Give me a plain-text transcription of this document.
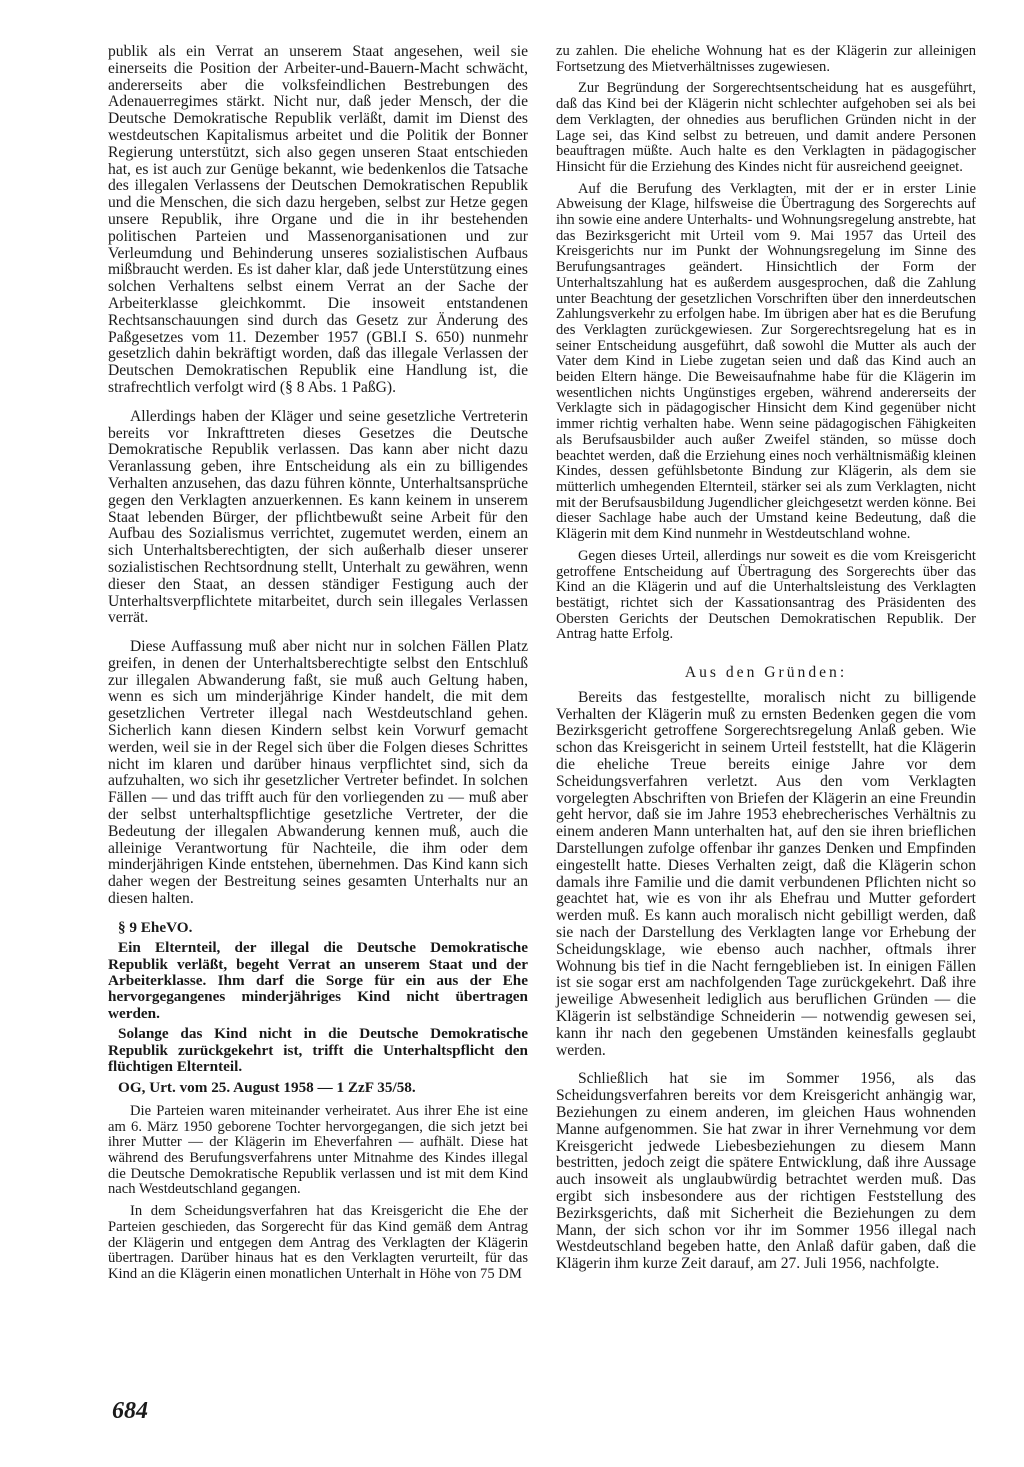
publik als ein Verrat an unserem Staat angesehen, weil sie einerseits die Position der Arbeiter-und-Bauern-Macht schwächt, andererseits aber die volksfeindlichen Bestrebungen des Adenauerregimes stärkt. Nicht nur, daß jeder Mensch, der die Deutsche Demokratische Republik verläßt, damit im Dienst des westdeutschen Kapitalismus arbeitet und die Politik der Bonner Regierung unterstützt, sich also gegen unseren Staat entschieden hat, es ist auch zur Genüge bekannt, wie bedenkenlos die Tatsache des illegalen Verlassens der Deutschen Demokratischen Republik und die Menschen, die sich dazu hergeben, selbst zur Hetze gegen unsere Republik, ihre Organe und die in ihr bestehenden politischen Parteien und Massenorganisationen und zur Verleumdung und Behinderung unseres sozialistischen Aufbaus mißbraucht werden. Es ist daher klar, daß jede Unterstützung eines solchen Verhaltens selbst einem Verrat an der Sache der Arbeiterklasse gleichkommt. Die insoweit entstandenen Rechtsanschauungen sind durch das Gesetz zur Änderung des Paßgesetzes vom 11. Dezember 1957 (GBl.I S. 650) nunmehr gesetzlich dahin bekräftigt worden, daß das illegale Verlassen der Deutschen Demokratischen Republik eine Handlung ist, die strafrechtlich verfolgt wird (§ 8 Abs. 1 PaßG).

Allerdings haben der Kläger und seine gesetzliche Vertreterin bereits vor Inkrafttreten dieses Gesetzes die Deutsche Demokratische Republik verlassen. Das kann aber nicht dazu Veranlassung geben, ihre Entscheidung als ein zu billigendes Verhalten anzusehen, das dazu führen könnte, Unterhaltsansprüche gegen den Verklagten anzuerkennen. Es kann keinem in unserem Staat lebenden Bürger, der pflichtbewußt seine Arbeit für den Aufbau des Sozialismus verrichtet, zugemutet werden, einem an sich Unterhaltsberechtigten, der sich außerhalb dieser unserer sozialistischen Rechtsordnung stellt, Unterhalt zu gewähren, wenn dieser den Staat, an dessen ständiger Festigung auch der Unterhaltsverpflichtete mitarbeitet, durch sein illegales Verlassen verrät.

Diese Auffassung muß aber nicht nur in solchen Fällen Platz greifen, in denen der Unterhaltsberechtigte selbst den Entschluß zur illegalen Abwanderung faßt, sie muß auch Geltung haben, wenn es sich um minderjährige Kinder handelt, die mit dem gesetzlichen Vertreter illegal nach Westdeutschland gehen. Sicherlich kann diesen Kindern selbst kein Vorwurf gemacht werden, weil sie in der Regel sich über die Folgen dieses Schrittes nicht im klaren und darüber hinaus verpflichtet sind, sich da aufzuhalten, wo sich ihr gesetzlicher Vertreter befindet. In solchen Fällen — und das trifft auch für den vorliegenden zu — muß aber der selbst unterhaltspflichtige gesetzliche Vertreter, der die Bedeutung der illegalen Abwanderung kennen muß, auch die alleinige Verantwortung für Nachteile, die ihm oder dem minderjährigen Kinde entstehen, übernehmen. Das Kind kann sich daher wegen der Bestreitung seines gesamten Unterhalts nur an diesen halten.

§ 9 EheVO.

Ein Elternteil, der illegal die Deutsche Demokratische Republik verläßt, begeht Verrat an unserem Staat und der Arbeiterklasse. Ihm darf die Sorge für ein aus der Ehe hervorgegangenes minderjähriges Kind nicht übertragen werden.

Solange das Kind nicht in die Deutsche Demokratische Republik zurückgekehrt ist, trifft die Unterhaltspflicht den flüchtigen Elternteil.

OG, Urt. vom 25. August 1958 — 1 ZzF 35/58.

Die Parteien waren miteinander verheiratet. Aus ihrer Ehe ist eine am 6. März 1950 geborene Tochter hervorgegangen, die sich jetzt bei ihrer Mutter — der Klägerin im Eheverfahren — aufhält. Diese hat während des Berufungsverfahrens unter Mitnahme des Kindes illegal die Deutsche Demokratische Republik verlassen und ist mit dem Kind nach Westdeutschland gegangen.

In dem Scheidungsverfahren hat das Kreisgericht die Ehe der Parteien geschieden, das Sorgerecht für das Kind gemäß dem Antrag der Klägerin und entgegen dem Antrag des Verklagten der Klägerin übertragen. Darüber hinaus hat es den Verklagten verurteilt, für das Kind an die Klägerin einen monatlichen Unterhalt in Höhe von 75 DM

zu zahlen. Die eheliche Wohnung hat es der Klägerin zur alleinigen Fortsetzung des Mietverhältnisses zugewiesen.

Zur Begründung der Sorgerechtsentscheidung hat es ausgeführt, daß das Kind bei der Klägerin nicht schlechter aufgehoben sei als bei dem Verklagten, der ohnedies aus beruflichen Gründen nicht in der Lage sei, das Kind selbst zu betreuen, und damit andere Personen beauftragen müßte. Auch halte es den Verklagten in pädagogischer Hinsicht für die Erziehung des Kindes nicht für ausreichend geeignet.

Auf die Berufung des Verklagten, mit der er in erster Linie Abweisung der Klage, hilfsweise die Übertragung des Sorgerechts auf ihn sowie eine andere Unterhalts- und Wohnungsregelung anstrebte, hat das Bezirksgericht mit Urteil vom 9. Mai 1957 das Urteil des Kreisgerichts nur im Punkt der Wohnungsregelung im Sinne des Berufungsantrages geändert. Hinsichtlich der Form der Unterhaltszahlung hat es außerdem ausgesprochen, daß die Zahlung unter Beachtung der gesetzlichen Vorschriften über den innerdeutschen Zahlungsverkehr zu erfolgen habe. Im übrigen aber hat es die Berufung des Verklagten zurückgewiesen. Zur Sorgerechtsregelung hat es in seiner Entscheidung ausgeführt, daß sowohl die Mutter als auch der Vater dem Kind in Liebe zugetan seien und daß das Kind auch an beiden Eltern hänge. Die Beweisaufnahme habe für die Klägerin im wesentlichen nichts Ungünstiges ergeben, während andererseits der Verklagte sich in pädagogischer Hinsicht dem Kind gegenüber nicht immer richtig verhalten habe. Wenn seine pädagogischen Fähigkeiten als Berufsausbilder auch außer Zweifel ständen, so müsse doch beachtet werden, daß die Erziehung eines noch verhältnismäßig kleinen Kindes, dessen gefühlsbetonte Bindung zur Klägerin, als dem sie mütterlich umhegenden Elternteil, stärker sei als zum Verklagten, nicht mit der Berufsausbildung Jugendlicher gleichgesetzt werden könne. Bei dieser Sachlage habe auch der Umstand keine Bedeutung, daß die Klägerin mit dem Kind nunmehr in Westdeutschland wohne.

Gegen dieses Urteil, allerdings nur soweit es die vom Kreisgericht getroffene Entscheidung auf Übertragung des Sorgerechts über das Kind an die Klägerin und auf die Unterhaltsleistung des Verklagten bestätigt, richtet sich der Kassationsantrag des Präsidenten des Obersten Gerichts der Deutschen Demokratischen Republik. Der Antrag hatte Erfolg.

Aus den Gründen:

Bereits das festgestellte, moralisch nicht zu billigende Verhalten der Klägerin muß zu ernsten Bedenken gegen die vom Bezirksgericht getroffene Sorgerechtsregelung Anlaß geben. Wie schon das Kreisgericht in seinem Urteil feststellt, hat die Klägerin die eheliche Treue bereits einige Jahre vor dem Scheidungsverfahren verletzt. Aus den vom Verklagten vorgelegten Abschriften von Briefen der Klägerin an eine Freundin geht hervor, daß sie im Jahre 1953 ehebrecherisches Verhältnis zu einem anderen Mann unterhalten hat, auf den sie ihren brieflichen Darstellungen zufolge offenbar ihr ganzes Denken und Empfinden eingestellt hatte. Dieses Verhalten zeigt, daß die Klägerin schon damals ihre Familie und die damit verbundenen Pflichten nicht so geachtet hat, wie es von ihr als Ehefrau und Mutter gefordert werden muß. Es kann auch moralisch nicht gebilligt werden, daß sie nach der Darstellung des Verklagten lange vor Erhebung der Scheidungsklage, wie ebenso auch nachher, oftmals ihrer Wohnung bis tief in die Nacht ferngeblieben ist. In einigen Fällen ist sie sogar erst am nachfolgenden Tage zurückgekehrt. Daß ihre jeweilige Abwesenheit lediglich aus beruflichen Gründen — die Klägerin ist selbständige Schneiderin — notwendig gewesen sei, kann ihr nach den gegebenen Umständen keinesfalls geglaubt werden.

Schließlich hat sie im Sommer 1956, als das Scheidungsverfahren bereits vor dem Kreisgericht anhängig war, Beziehungen zu einem anderen, im gleichen Haus wohnenden Manne aufgenommen. Sie hat zwar in ihrer Vernehmung vor dem Kreisgericht jedwede Liebesbeziehungen zu diesem Mann bestritten, jedoch zeigt die spätere Entwicklung, daß ihre Aussage auch insoweit als unglaubwürdig betrachtet werden muß. Das ergibt sich insbesondere aus der richtigen Feststellung des Bezirksgerichts, daß mit Sicherheit die Beziehungen zu dem Mann, der sich schon vor ihr im Sommer 1956 illegal nach Westdeutschland begeben hatte, den Anlaß dafür gaben, daß die Klägerin ihm kurze Zeit darauf, am 27. Juli 1956, nachfolgte.

684
